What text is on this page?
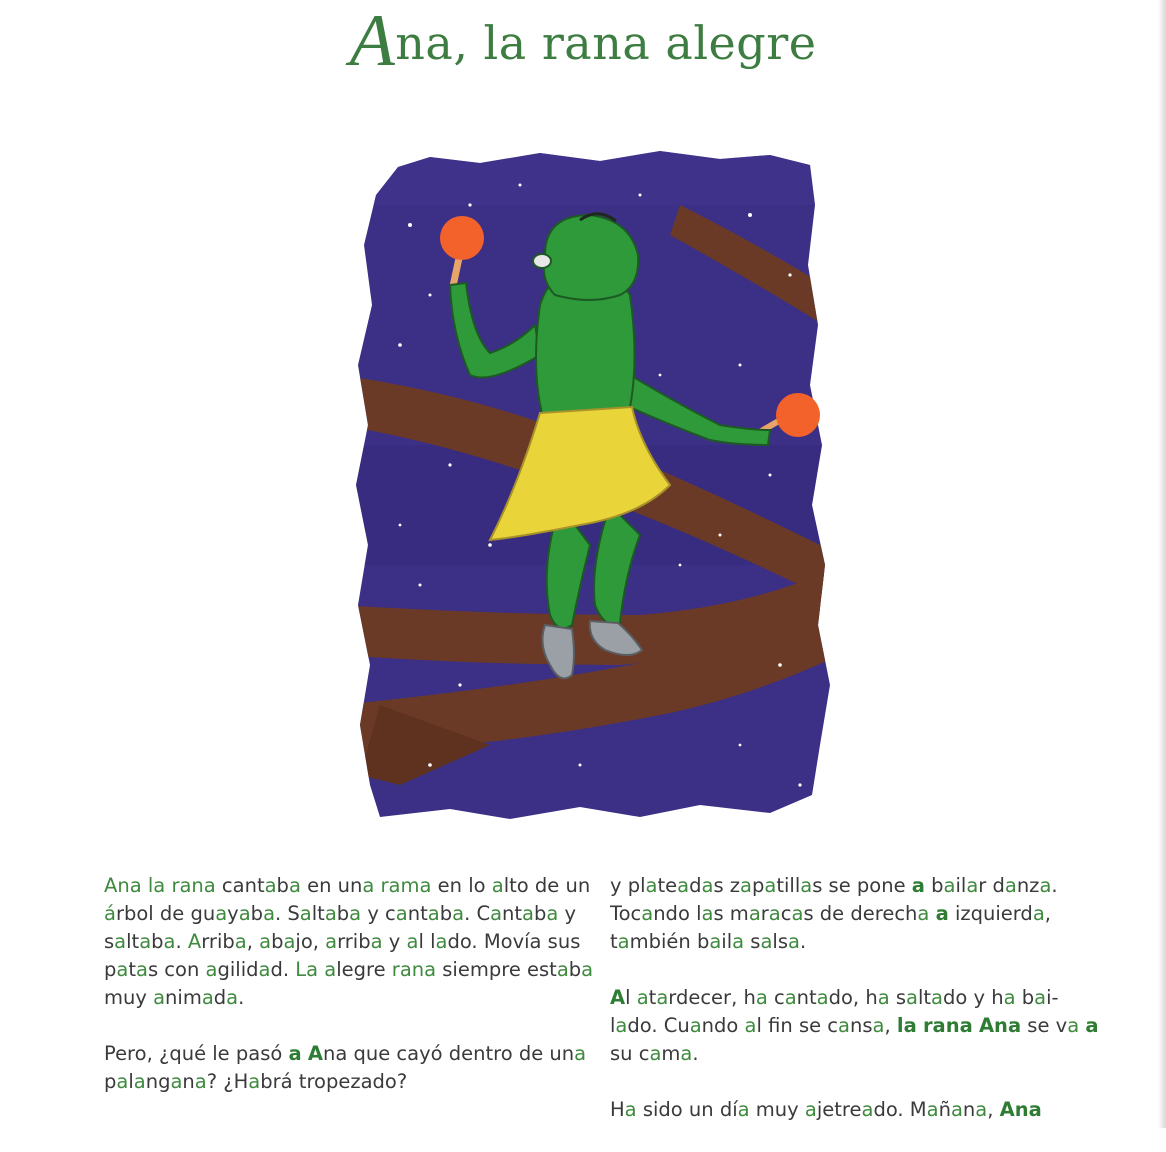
Ana, la rana alegre

Ana la rana cantaba en una rama en lo alto de un árbol de guayaba. Saltaba y cantaba. Cantaba y saltaba. Arriba, abajo, arriba y al lado. Movía sus patas con agilidad. La alegre rana siempre estaba muy animada.

Pero, ¿qué le pasó a Ana que cayó dentro de una palangana? ¿Habrá tropezado?

y plateadas zapatillas se pone a bailar danza. Tocando las maracas de derecha a izquierda, también baila salsa.

Al atardecer, ha cantado, ha saltado y ha bai-lado. Cuando al fin se cansa, la rana Ana se va a su cama.

Ha sido un día muy ajetreado. Mañana, Ana
